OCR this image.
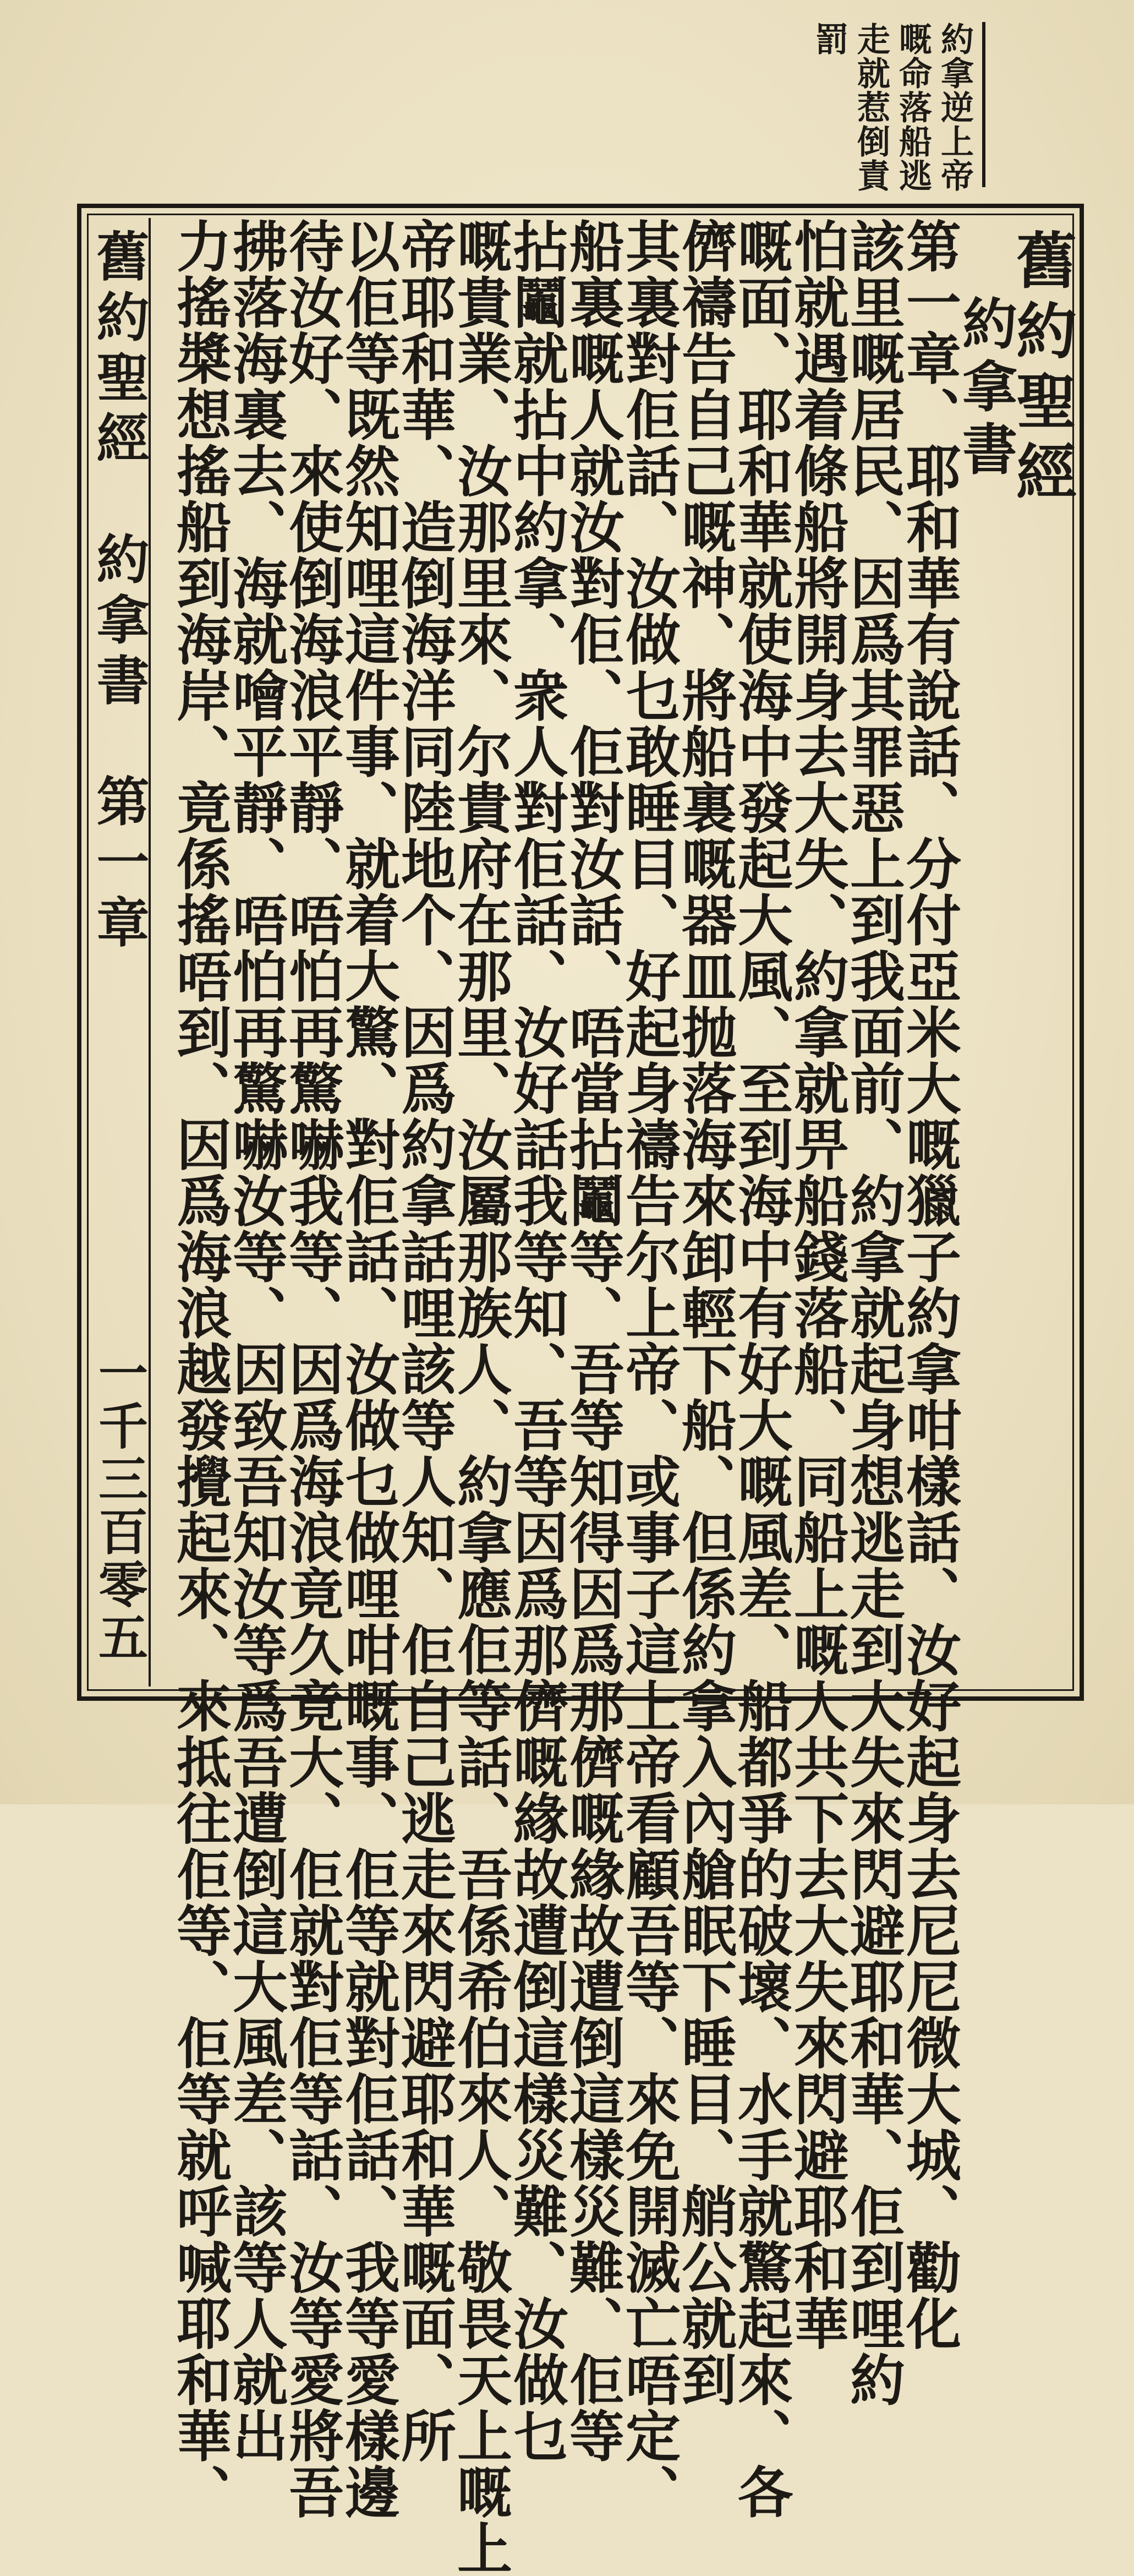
約拿逆上帝
嘅命落船逃
走就惹倒責
罰
舊約聖經
約拿書
第一章、耶和華有說話、分付亞米大嘅獵子約拿咁樣話、汝好起身去尼尼微大城、勸化
該里嘅居民、因爲其罪惡上到我面前、約拿就起身想逃走到大失來閃避耶和華、佢到哩約
怕就遇着條船將開身去大失、約拿就畀船錢落船、同船上嘅人共下去大失來閃避耶和華
嘅面、耶和華就使海中發起大風、至到海中有好大嘅風差、船都爭的破壞、水手就驚起來、各
儕禱告自己嘅神、將船裏嘅器皿抛落海來卸輕下船、但係約拿入內艙眠下睡目、艄公就到
其裏對佢話、汝做乜敢睡目、好起身禱告尔上帝、或事子這上帝看顧吾等、來免開滅亡唔定、
船裏嘅人就汝對佢、佢對汝話、唔當拈鬮等、吾等知得因爲那儕嘅緣故遭倒這樣災難、佢等
拈鬮就拈中約拿、衆人對佢話、汝好話我等知、吾等因爲那儕嘅緣故遭倒這樣災難、汝做乜
嘅貴業、汝那里來、尔貴府在那里、汝屬那族人、約拿應佢等話、吾係希伯來人、敬畏天上嘅上
帝耶和華、造倒海洋同陸地个、因爲約拿話哩該等人知、佢自己逃走來閃避耶和華嘅面、所
以佢等既然知哩這件事、就着大驚、對佢話、汝做乜做哩咁嘅事、佢等就對佢話、我等愛樣邊
待汝好、來使倒海浪平靜、唔怕再驚嚇我等、因爲海浪竟久竟大、佢就對佢等話、汝等愛將吾
拂落海裏去、海就噲平靜、唔怕再驚嚇汝等、因致吾知汝等爲吾遭倒這大風差、該等人就出
力搖槳想搖船到海岸、竟係搖唔到、因爲海浪越發攪起來、來抵往佢等、佢等就呼喊耶和華、
舊約聖經　約拿書　第一章
一千三百零五
